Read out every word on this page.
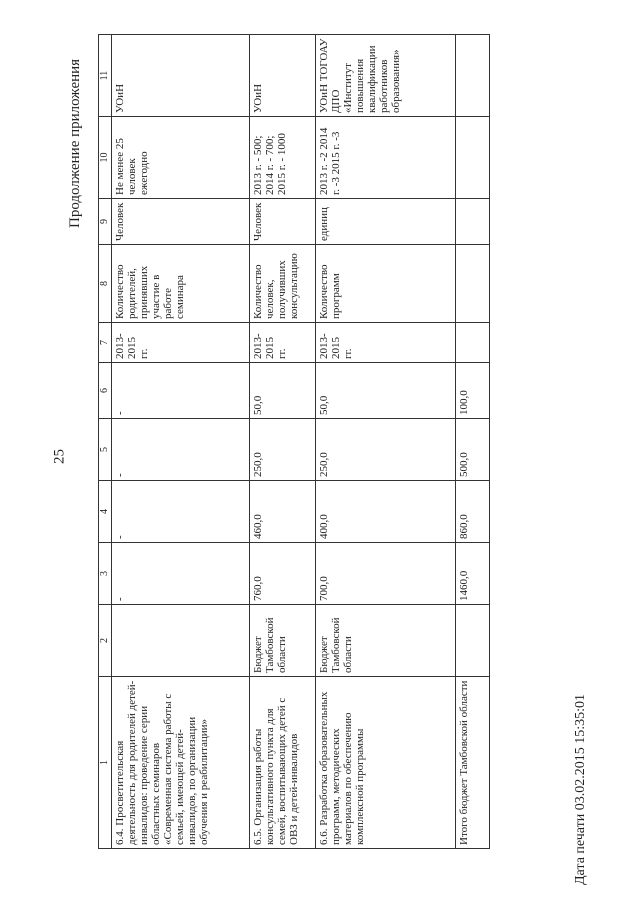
25
Продолжение приложения
Дата печати 03.02.2015 15:35:01
1	2	3	4	5	6	7	8	9	10	11
6.4. Просветительская деятельность для родителей детей-инвалидов: проведение серии областных семинаров «Современная система работы с семьей, имеющей детей-инвалидов, по организации обучения и реабилитации»		-	-	-	-	2013-2015 гг.	Количество родителей, принявших участие в работе семинара	Человек	Не менее 25 человек ежегодно	УОиН
6.5. Организация работы консультативного пункта для семей, воспитывающих детей с ОВЗ и детей-инвалидов	Бюджет Тамбовской области	760,0	460,0	250,0	50,0	2013-2015 гг.	Количество человек, получивших консультацию	Человек	2013 г. - 500; 2014 г. - 700; 2015 г. - 1000	УОиН
6.6. Разработка образовательных программ, методических материалов по обеспечению комплексной программы	Бюджет Тамбовской области	700,0	400,0	250,0	50,0	2013-2015 гг.	Количество программ	единиц	2013 г. -2 2014 г. -3 2015 г. -3	УОиН ТОГОАУ ДПО «Институт повышения квалификации работников образования»
Итого бюджет Тамбовской области		1460,0	860,0	500,0	100,0					
